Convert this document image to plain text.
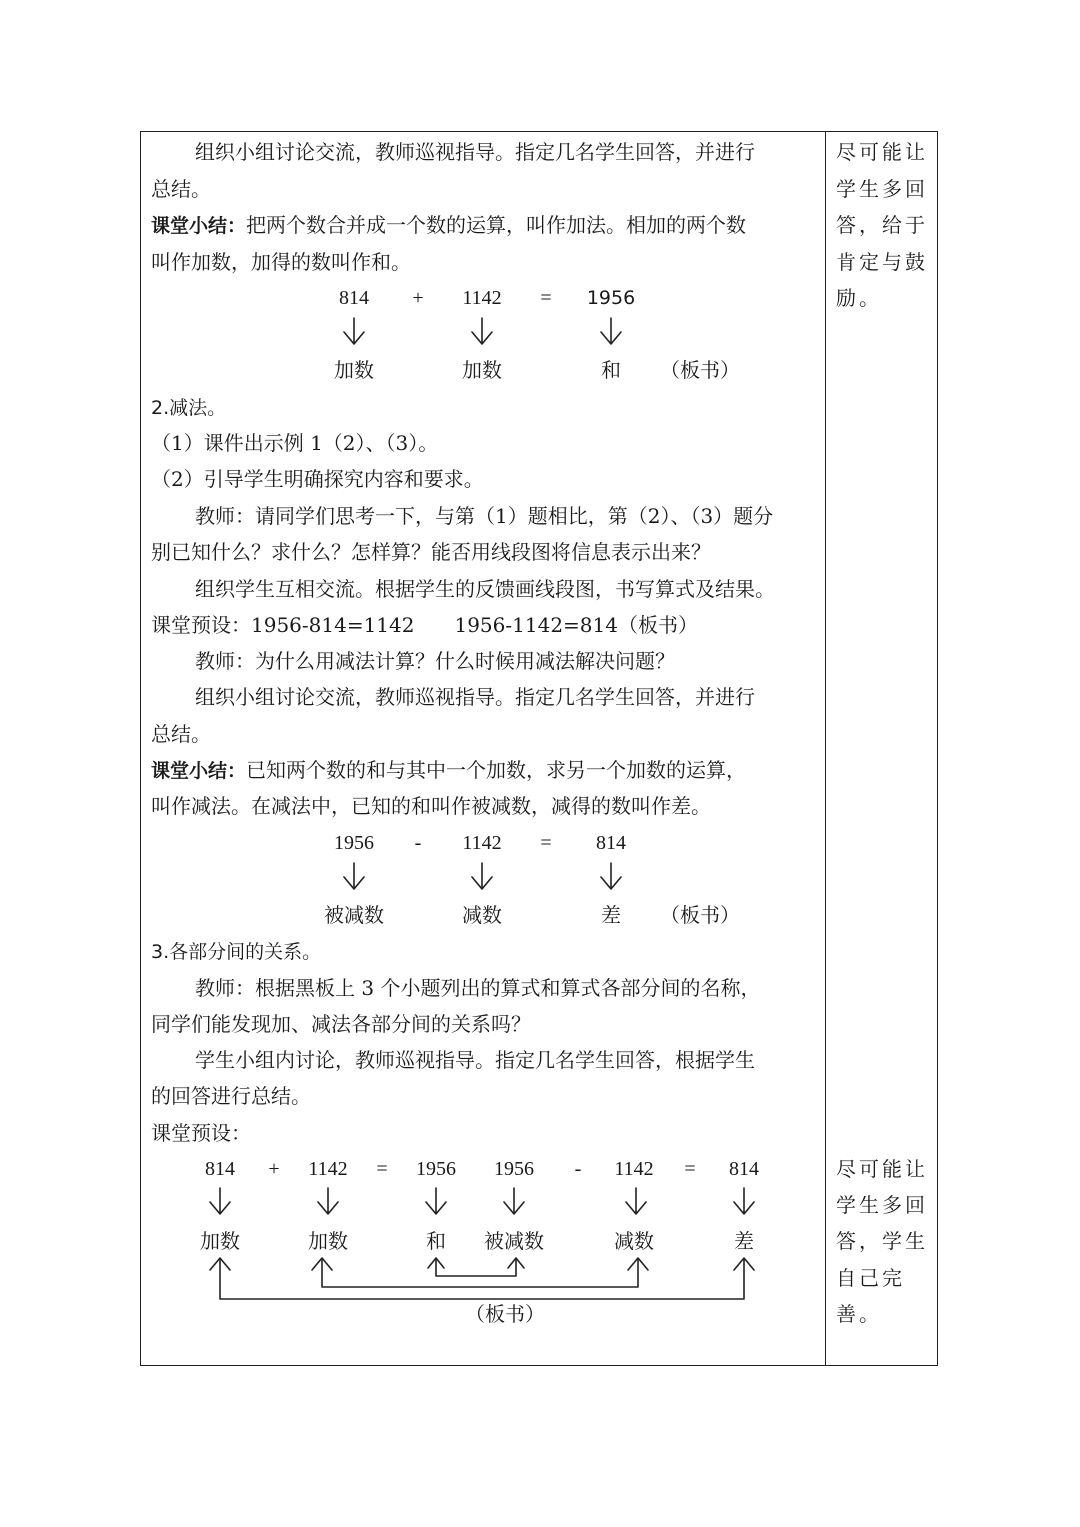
组织小组讨论交流，教师巡视指导。指定几名学生回答，并进行
总结。
课堂小结：把两个数合并成一个数的运算，叫作加法。相加的两个数
叫作加数，加得的数叫作和。
814 + 1142 = 1956
加数	加数	和 （板书）
2.减法。
（1）课件出示例 1（2）、（3）。
（2）引导学生明确探究内容和要求。
教师：请同学们思考一下，与第（1）题相比，第（2）、（3）题分
别已知什么？求什么？怎样算？能否用线段图将信息表示出来？
组织学生互相交流。根据学生的反馈画线段图，书写算式及结果。
课堂预设：1956-814=1142　　1956-1142=814（板书）
教师：为什么用减法计算？什么时候用减法解决问题？
组织小组讨论交流，教师巡视指导。指定几名学生回答，并进行
总结。
课堂小结：已知两个数的和与其中一个加数，求另一个加数的运算，
叫作减法。在减法中，已知的和叫作被减数，减得的数叫作差。
1956 - 1142 = 814
被减数	减数	差 （板书）
3.各部分间的关系。
教师：根据黑板上 3 个小题列出的算式和算式各部分间的名称，
同学们能发现加、减法各部分间的关系吗？
学生小组内讨论，教师巡视指导。指定几名学生回答，根据学生
的回答进行总结。
课堂预设：
814 + 1142 = 1956 1956 - 1142 = 814
加数	加数	和 被减数	减数	差
（板书）
尽可能让
学生多回
答，给于
肯定与鼓
励。
尽可能让
学生多回
答，学生
自己完
善。
